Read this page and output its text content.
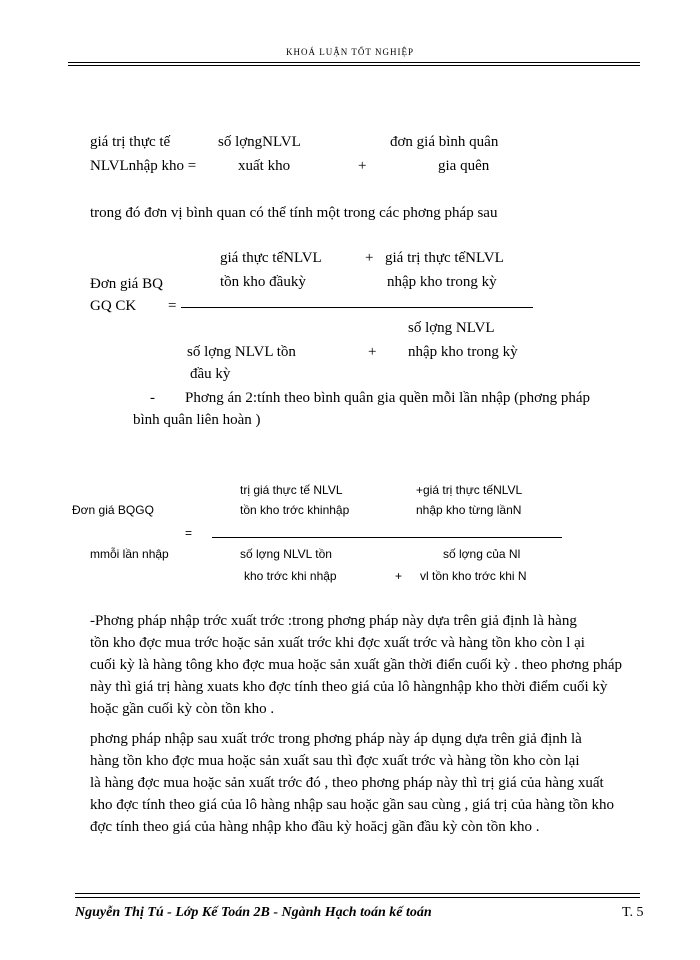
KHOÁ LUẬN TỐT NGHIỆP
giá trị thực tế
NLVLnhập kho =
số lợngNLVL
xuất kho	+
đơn giá bình quân
gia quên
trong đó đơn vị bình quan có thể tính một trong các phơng pháp sau
giá thực tếNLVL
tồn kho đầukỳ
+ giá trị thực tếNLVL
nhập kho trong kỳ
Đơn giá BQ
GQ CK =
số lợng NLVL
số lợng NLVL tồn	+ nhập kho trong kỳ
đầu kỳ
- Phơng án 2:tính theo bình quân gia quền mỗi lần nhập (phơng pháp
bình quân liên hoàn )
trị giá thực tế NLVL
tồn kho trớc khinhập
+giá trị thực tếNLVL
nhập kho từng lầnN
Đơn giá BQGQ
=
mmỗi lần nhập	số lợng NLVL tồn
kho trớc khi nhập	+
số lợng của Nl
vl tồn kho trớc khi N

-Phơng pháp nhập trớc xuất trớc :trong phơng pháp này dựa trên giả định là hàng

tồn kho đợc mua trớc hoặc sản xuất trớc khi đợc xuất trớc và hàng tồn kho còn l ại

cuối kỳ là hàng tông kho đợc mua hoặc sản xuất gần thời điển cuối kỳ . theo phơng pháp

này thì giá trị hàng xuats kho đợc tính theo giá của lô hàngnhập kho thời điểm cuối kỳ

hoặc gần cuối kỳ còn tồn kho .

phơng pháp nhập sau xuất trớc trong phơng pháp này áp dụng dựa trên giả định là

hàng tồn kho đợc mua hoặc sản xuất sau thì đợc xuất trớc và hàng tồn kho còn lại

là hàng đợc mua hoặc sản xuất trớc đó , theo phơng pháp này thì trị giá của hàng xuất

kho đợc tính theo giá của lô hàng nhập sau hoặc gần sau cùng , giá trị của hàng tồn kho

đợc tính theo giá của hàng nhập kho đầu kỳ hoăcj gần đầu kỳ còn tồn kho .

Nguyễn Thị Tú - Lớp Kế Toán 2B - Ngành Hạch toán kế toán	T. 5
